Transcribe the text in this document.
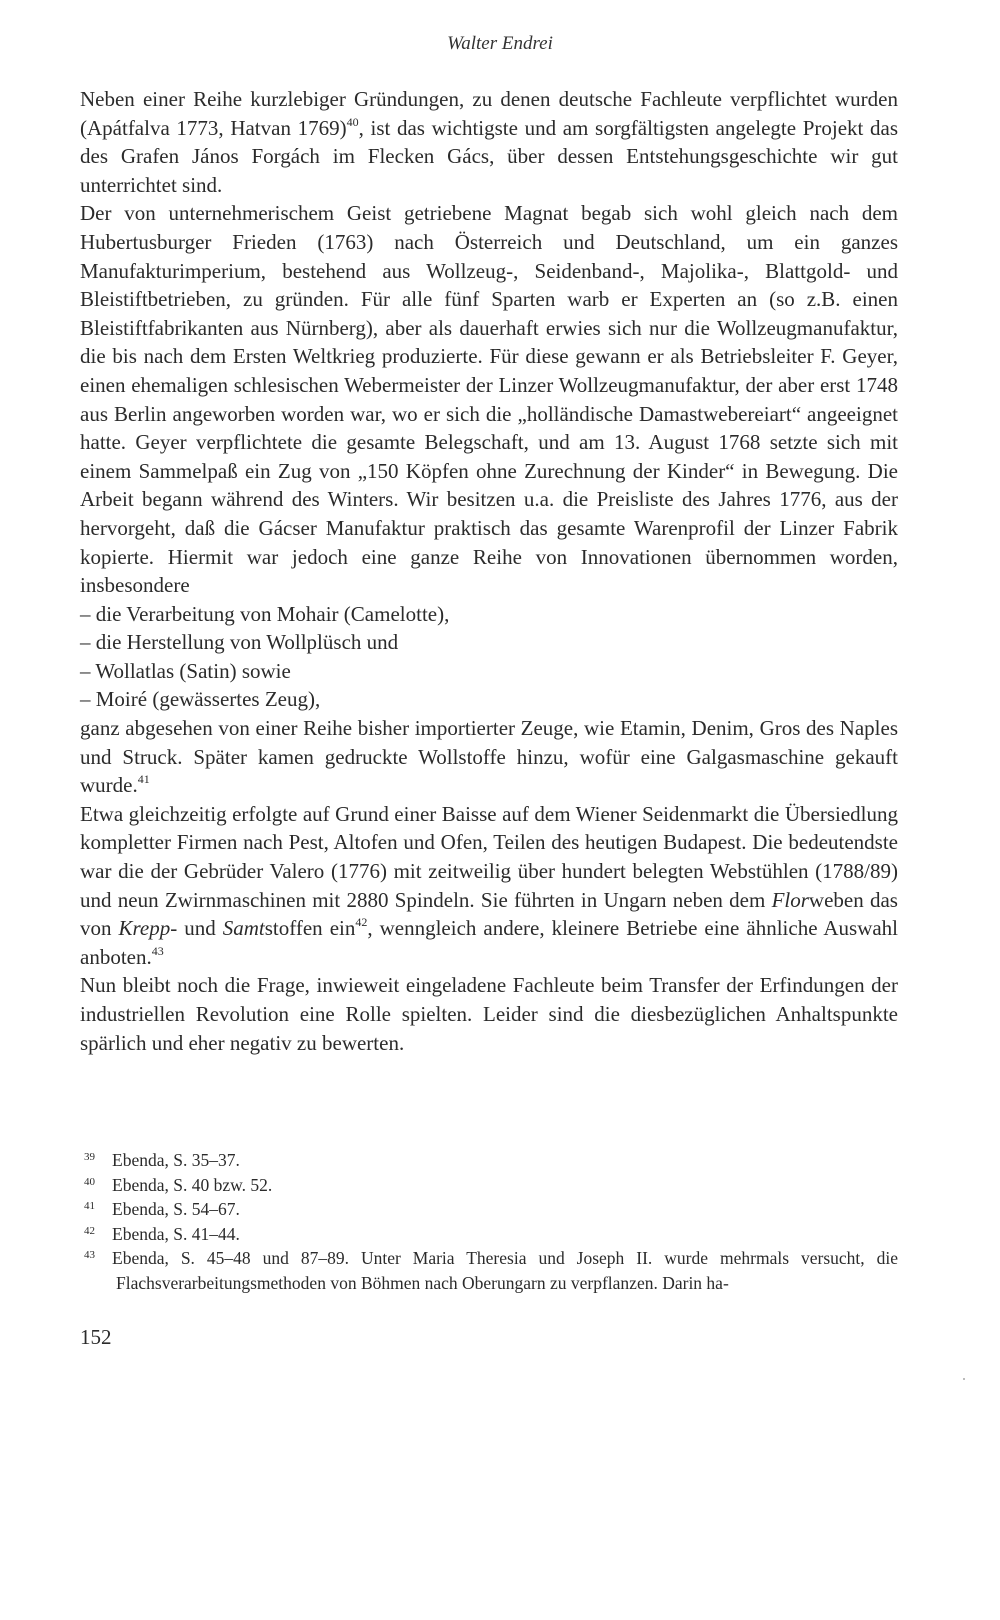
Walter Endrei

Neben einer Reihe kurzlebiger Gründungen, zu denen deutsche Fachleute verpflichtet wurden (Apátfalva 1773, Hatvan 1769)$^{40}$, ist das wichtigste und am sorgfältigsten angelegte Projekt das des Grafen János Forgách im Flecken Gács, über dessen Entstehungsgeschichte wir gut unterrichtet sind.

Der von unternehmerischem Geist getriebene Magnat begab sich wohl gleich nach dem Hubertusburger Frieden (1763) nach Österreich und Deutschland, um ein ganzes Manufakturimperium, bestehend aus Wollzeug-, Seidenband-, Majolika-, Blattgold- und Bleistiftbetrieben, zu gründen. Für alle fünf Sparten warb er Experten an (so z.B. einen Bleistiftfabrikanten aus Nürnberg), aber als dauerhaft erwies sich nur die Wollzeugmanufaktur, die bis nach dem Ersten Weltkrieg produzierte. Für diese gewann er als Betriebsleiter F. Geyer, einen ehemaligen schlesischen Webermeister der Linzer Wollzeugmanufaktur, der aber erst 1748 aus Berlin angeworben worden war, wo er sich die „holländische Damastwebereiart“ angeeignet hatte. Geyer verpflichtete die gesamte Belegschaft, und am 13. August 1768 setzte sich mit einem Sammelpaß ein Zug von „150 Köpfen ohne Zurechnung der Kinder“ in Bewegung. Die Arbeit begann während des Winters. Wir besitzen u.a. die Preisliste des Jahres 1776, aus der hervorgeht, daß die Gácser Manufaktur praktisch das gesamte Warenprofil der Linzer Fabrik kopierte. Hiermit war jedoch eine ganze Reihe von Innovationen übernommen worden, insbesondere

– die Verarbeitung von Mohair (Camelotte),

– die Herstellung von Wollplüsch und

– Wollatlas (Satin) sowie

– Moiré (gewässertes Zeug),

ganz abgesehen von einer Reihe bisher importierter Zeuge, wie Etamin, Denim, Gros des Naples und Struck. Später kamen gedruckte Wollstoffe hinzu, wofür eine Galgasmaschine gekauft wurde.$^{41}$

Etwa gleichzeitig erfolgte auf Grund einer Baisse auf dem Wiener Seidenmarkt die Übersiedlung kompletter Firmen nach Pest, Altofen und Ofen, Teilen des heutigen Budapest. Die bedeutendste war die der Gebrüder Valero (1776) mit zeitweilig über hundert belegten Webstühlen (1788/89) und neun Zwirnmaschinen mit 2880 Spindeln. Sie führten in Ungarn neben dem Florweben das von Krepp- und Samtstoffen ein$^{42}$, wenngleich andere, kleinere Betriebe eine ähnliche Auswahl anboten.$^{43}$

Nun bleibt noch die Frage, inwieweit eingeladene Fachleute beim Transfer der Erfindungen der industriellen Revolution eine Rolle spielten. Leider sind die diesbezüglichen Anhaltspunkte spärlich und eher negativ zu bewerten.

39 Ebenda, S. 35–37.

40 Ebenda, S. 40 bzw. 52.

41 Ebenda, S. 54–67.

42 Ebenda, S. 41–44.

43 Ebenda, S. 45–48 und 87–89. Unter Maria Theresia und Joseph II. wurde mehrmals versucht, die Flachsverarbeitungsmethoden von Böhmen nach Oberungarn zu verpflanzen. Darin ha-

152
